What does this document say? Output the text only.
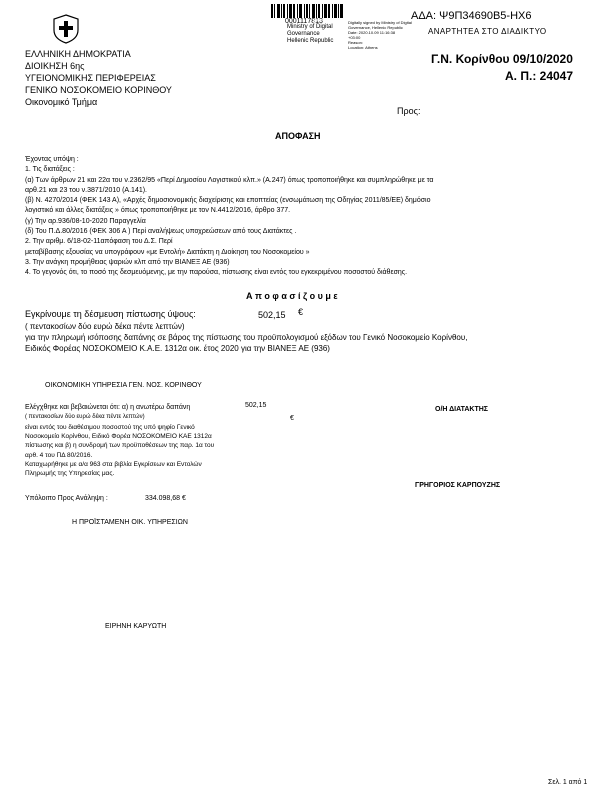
0001117813
Ministry of Digital
Governance
Hellenic Republic
Digitally signed by Ministry of Digital
Governance, Hellenic Republic
Date: 2020.10.09 11:16:38
+03:00
Reason:
Location: Athens
ΑΔΑ: Ψ9Π34690Β5-ΗΧ6
ΑΝΑΡΤΗΤΕΑ ΣΤΟ ΔΙΑΔΙΚΤΥΟ
ΕΛΛΗΝΙΚΗ ΔΗΜΟΚΡΑΤΙΑ
ΔΙΟΙΚΗΣΗ 6ης
ΥΓΕΙΟΝΟΜΙΚΗΣ ΠΕΡΙΦΕΡΕΙΑΣ
ΓΕΝΙΚΟ ΝΟΣΟΚΟΜΕΙΟ ΚΟΡΙΝΘΟΥ
Οικονομικό Τμήμα
Γ.Ν. Κορίνθου 09/10/2020
Α. Π.: 24047
Προς:
ΑΠΟΦΑΣΗ
Έχοντας υπόψη :
1. Τις διατάξεις :
(α) Των άρθρων 21 και 22α του ν.2362/95 «Περί Δημοσίου Λογιστικού κλπ.» (Α.247) όπως τροποποιήθηκε και συμπληρώθηκε με τα
αρθ.21 και 23 του ν.3871/2010 (Α.141).
(β) Ν. 4270/2014 (ΦΕΚ 143 Α), «Αρχές δημοσιονομικής διαχείρισης και εποπτείας (ενσωμάτωση της Οδηγίας 2011/85/ΕΕ) δημόσιο
λογιστικό και άλλες διατάξεις » όπως τροποποιήθηκε με τον Ν.4412/2016, άρθρο 377.
(γ) Την αρ.936/08-10-2020 Παραγγελία
(δ) Του Π.Δ.80/2016 (ΦΕΚ 306 Α ) Περί αναλήψεως υποχρεώσεων από τους Διατάκτες .
2. Την αριθμ. 6/18-02-11απόφαση του Δ.Σ. Περί
μεταβίβασης εξουσίας να υπογράφουν «με Εντολή» Διατάκτη η Διοίκηση του Νοσοκομείου »
3. Την ανάγκη προμήθειας ψαριών κλπ από την ΒΙΑΝΕΞ ΑΕ (936)
4. Το γεγονός ότι, το ποσό της δεσμευόμενης, με την παρούσα, πίστωσης είναι εντός του εγκεκριμένου ποσοστού διάθεσης.
Α π ο φ α σ ί ζ ο υ μ ε
Εγκρίνουμε τη δέσμευση πίστωσης ύψους:	502,15 €
( πεντακοσίων δύο ευρώ δέκα πέντε λεπτών)
για την πληρωμή ισόποσης δαπάνης σε βάρος της πίστωσης του προϋπολογισμού εξόδων του Γενικό Νοσοκομείο Κορίνθου,
Ειδικός Φορέας ΝΟΣΟΚΟΜΕΙΟ Κ.Α.Ε. 1312α οικ. έτος 2020 για την ΒΙΑΝΕΞ ΑΕ (936)
ΟΙΚΟΝΟΜΙΚΗ ΥΠΗΡΕΣΙΑ ΓΕΝ. ΝΟΣ. ΚΟΡΙΝΘΟΥ
Ελέγχθηκε και βεβαιώνεται ότι: α) η ανωτέρω δαπάνη	502,15
( πεντακοσίων δύο ευρώ δέκα πέντε λεπτών)	€
είναι εντός του διαθέσιμου ποσοστού της υπό ψηφίο Γενικό
Νοσοκομείο Κορίνθου, Ειδικό Φορέα ΝΟΣΟΚΟΜΕΙΟ ΚΑΕ 1312α
πίστωσης και β) η συνδρομή των προϋποθέσεων της παρ. 1α του
αρθ. 4 του ΠΔ 80/2016.
Καταχωρήθηκε με α/α 963 στα βιβλία Εγκρίσεων και Εντολών
Πληρωμής της Υπηρεσίας μας.
Υπόλοιπο Προς Ανάληψη :	334.098,68 €
Η ΠΡΟΪΣΤΑΜΕΝΗ ΟΙΚ. ΥΠΗΡΕΣΙΩΝ
ΕΙΡΗΝΗ ΚΑΡΥΩΤΗ
Ο/Η ΔΙΑΤΑΚΤΗΣ
ΓΡΗΓΟΡΙΟΣ ΚΑΡΠΟΥΖΗΣ
Σελ. 1 από 1
